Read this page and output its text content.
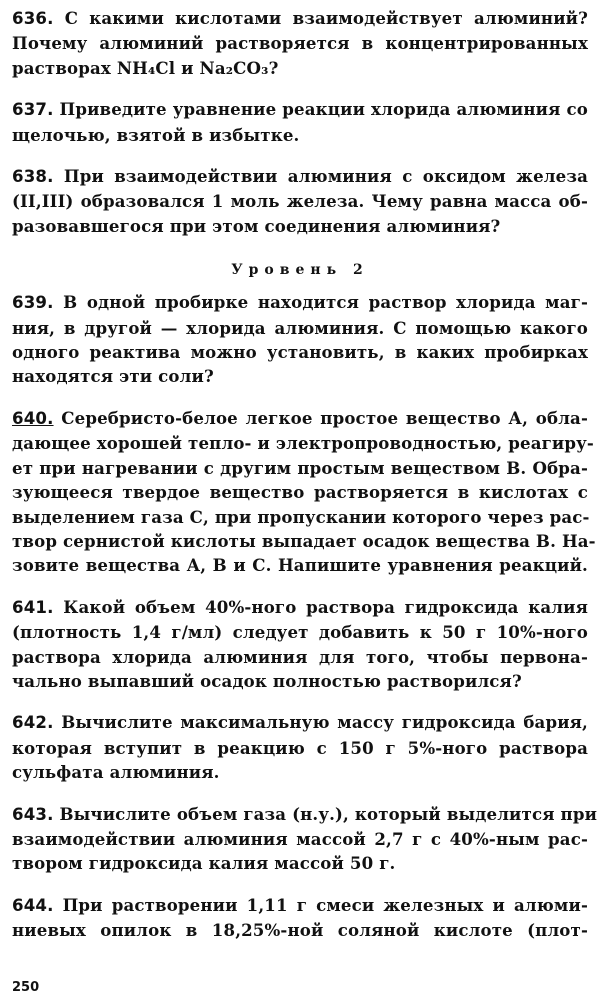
636. С какими кислотами взаимодействует алюминий?
Почему алюминий растворяется в концентрированных
растворах NH₄Cl и Na₂CO₃?
637. Приведите уравнение реакции хлорида алюминия со
щелочью, взятой в избытке.
638. При взаимодействии алюминия с оксидом железа
(II,III) образовался 1 моль железа. Чему равна масса об-
разовавшегося при этом соединения алюминия?
Уровень 2
639. В одной пробирке находится раствор хлорида маг-
ния, в другой — хлорида алюминия. С помощью какого
одного реактива можно установить, в каких пробирках
находятся эти соли?
640. Серебристо-белое легкое простое вещество А, обла-
дающее хорошей тепло- и электропроводностью, реагиру-
ет при нагревании с другим простым веществом В. Обра-
зующееся твердое вещество растворяется в кислотах с
выделением газа С, при пропускании которого через рас-
твор сернистой кислоты выпадает осадок вещества В. На-
зовите вещества А, В и С. Напишите уравнения реакций.
641. Какой объем 40%-ного раствора гидроксида калия
(плотность 1,4 г/мл) следует добавить к 50 г 10%-ного
раствора хлорида алюминия для того, чтобы первона-
чально выпавший осадок полностью растворился?
642. Вычислите максимальную массу гидроксида бария,
которая вступит в реакцию с 150 г 5%-ного раствора
сульфата алюминия.
643. Вычислите объем газа (н.у.), который выделится при
взаимодействии алюминия массой 2,7 г с 40%-ным рас-
твором гидроксида калия массой 50 г.
644. При растворении 1,11 г смеси железных и алюми-
ниевых опилок в 18,25%-ной соляной кислоте (плот-
250
